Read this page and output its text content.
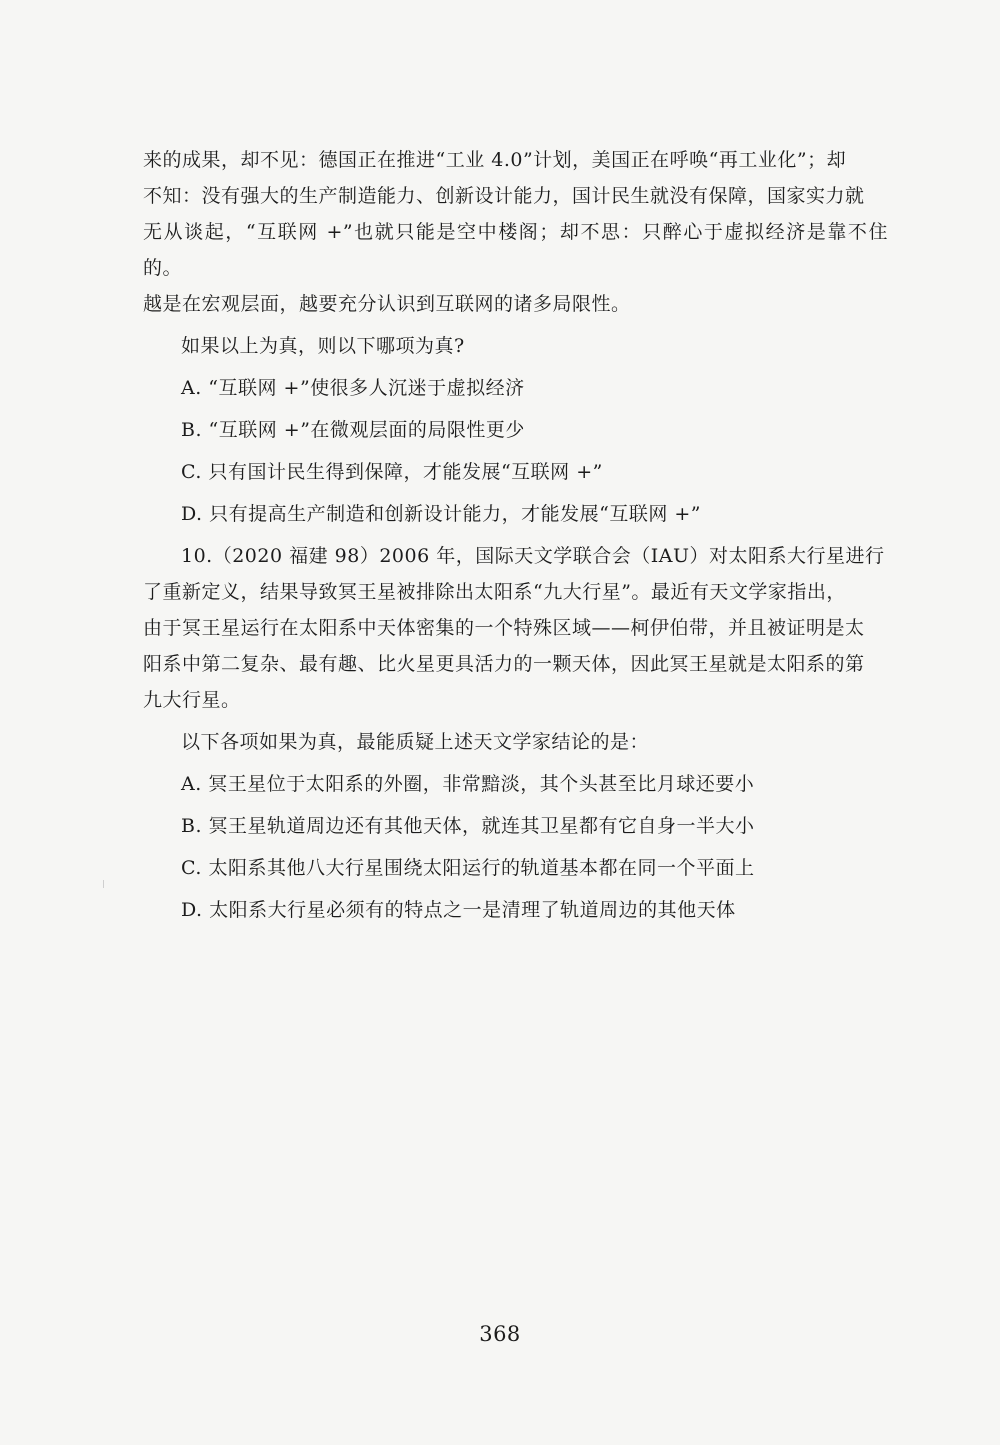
来的成果，却不见：德国正在推进“工业 4.0”计划，美国正在呼唤“再工业化”；却
不知：没有强大的生产制造能力、创新设计能力，国计民生就没有保障，国家实力就
无从谈起，“互联网 +”也就只能是空中楼阁；却不思：只醉心于虚拟经济是靠不住的。
越是在宏观层面，越要充分认识到互联网的诸多局限性。

如果以上为真，则以下哪项为真?

A. “互联网 +”使很多人沉迷于虚拟经济

B. “互联网 +”在微观层面的局限性更少

C. 只有国计民生得到保障，才能发展“互联网 +”

D. 只有提高生产制造和创新设计能力，才能发展“互联网 +”

10.（2020 福建 98）2006 年，国际天文学联合会（IAU）对太阳系大行星进行
了重新定义，结果导致冥王星被排除出太阳系“九大行星”。最近有天文学家指出，
由于冥王星运行在太阳系中天体密集的一个特殊区域——柯伊伯带，并且被证明是太
阳系中第二复杂、最有趣、比火星更具活力的一颗天体，因此冥王星就是太阳系的第
九大行星。

以下各项如果为真，最能质疑上述天文学家结论的是：

A. 冥王星位于太阳系的外圈，非常黯淡，其个头甚至比月球还要小

B. 冥王星轨道周边还有其他天体，就连其卫星都有它自身一半大小

C. 太阳系其他八大行星围绕太阳运行的轨道基本都在同一个平面上

D. 太阳系大行星必须有的特点之一是清理了轨道周边的其他天体

368
